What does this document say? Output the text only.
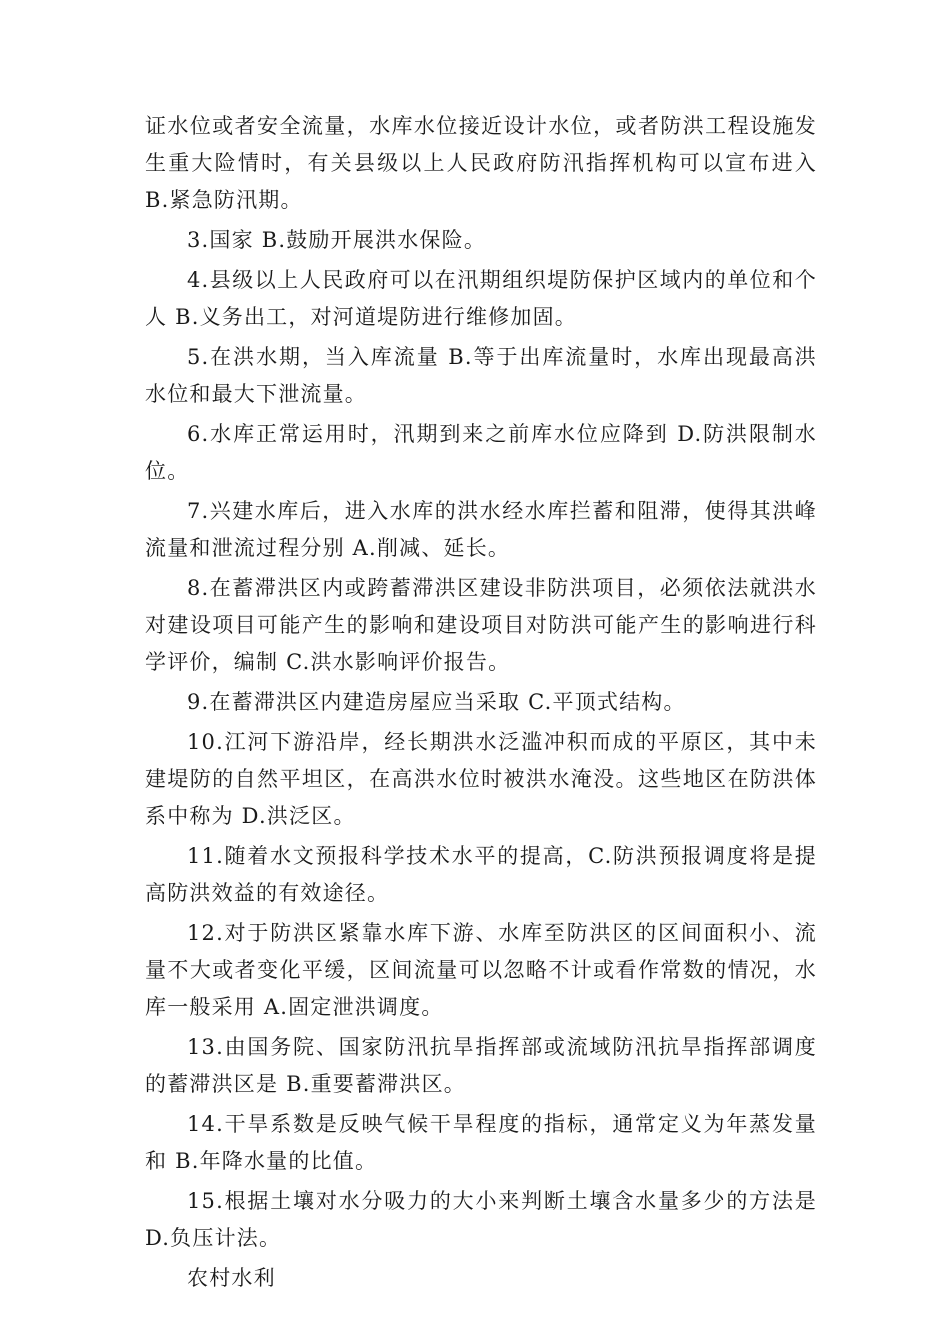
证水位或者安全流量，水库水位接近设计水位，或者防洪工程设施发生重大险情时，有关县级以上人民政府防汛指挥机构可以宣布进入 B.紧急防汛期。

3.国家 B.鼓励开展洪水保险。

4.县级以上人民政府可以在汛期组织堤防保护区域内的单位和个人 B.义务出工，对河道堤防进行维修加固。

5.在洪水期，当入库流量 B.等于出库流量时，水库出现最高洪水位和最大下泄流量。

6.水库正常运用时，汛期到来之前库水位应降到 D.防洪限制水位。

7.兴建水库后，进入水库的洪水经水库拦蓄和阻滞，使得其洪峰流量和泄流过程分别 A.削减、延长。

8.在蓄滞洪区内或跨蓄滞洪区建设非防洪项目，必须依法就洪水对建设项目可能产生的影响和建设项目对防洪可能产生的影响进行科学评价，编制 C.洪水影响评价报告。

9.在蓄滞洪区内建造房屋应当采取 C.平顶式结构。

10.江河下游沿岸，经长期洪水泛滥冲积而成的平原区，其中未建堤防的自然平坦区，在高洪水位时被洪水淹没。这些地区在防洪体系中称为 D.洪泛区。

11.随着水文预报科学技术水平的提高，C.防洪预报调度将是提高防洪效益的有效途径。

12.对于防洪区紧靠水库下游、水库至防洪区的区间面积小、流量不大或者变化平缓，区间流量可以忽略不计或看作常数的情况，水库一般采用 A.固定泄洪调度。

13.由国务院、国家防汛抗旱指挥部或流域防汛抗旱指挥部调度的蓄滞洪区是 B.重要蓄滞洪区。

14.干旱系数是反映气候干旱程度的指标，通常定义为年蒸发量和 B.年降水量的比值。

15.根据土壤对水分吸力的大小来判断土壤含水量多少的方法是 D.负压计法。

农村水利
